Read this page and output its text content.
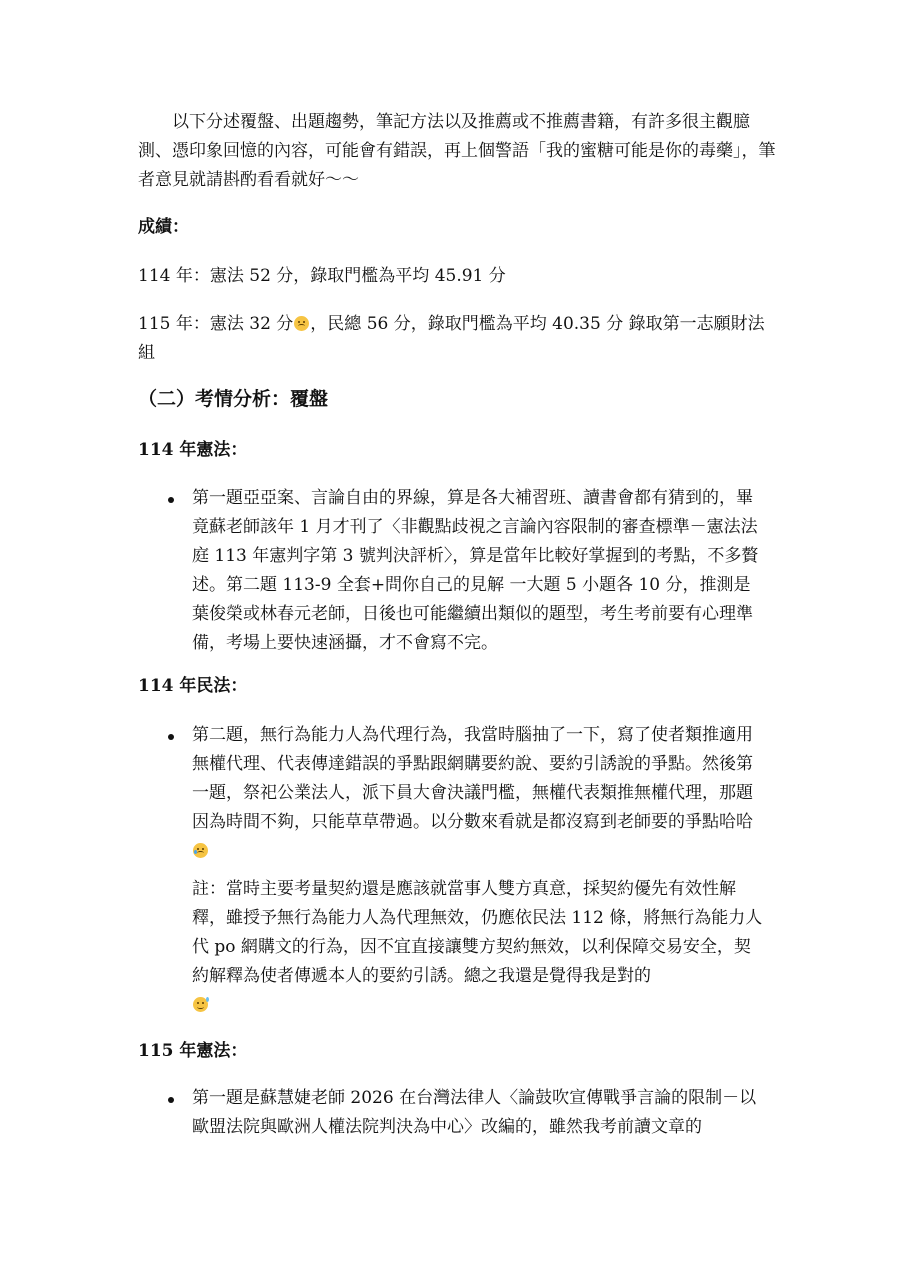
以下分述覆盤、出題趨勢，筆記方法以及推薦或不推薦書籍，有許多很主觀臆測、憑印象回憶的內容，可能會有錯誤，再上個警語「我的蜜糖可能是你的毒藥」，筆者意見就請斟酌看看就好～～

成績：

114 年：憲法 52 分，錄取門檻為平均 45.91 分

115 年：憲法 32 分 ，民總 56 分，錄取門檻為平均 40.35 分 錄取第一志願財法組

（二）考情分析：覆盤

114 年憲法：

第一題亞亞案、言論自由的界線，算是各大補習班、讀書會都有猜到的，畢竟蘇老師該年 1 月才刊了〈非觀點歧視之言論內容限制的審查標準－憲法法庭 113 年憲判字第 3 號判決評析〉，算是當年比較好掌握到的考點，不多贅述。第二題 113-9 全套+問你自己的見解 一大題 5 小題各 10 分，推測是葉俊榮或林春元老師，日後也可能繼續出類似的題型，考生考前要有心理準備，考場上要快速涵攝，才不會寫不完。

114 年民法：

第二題，無行為能力人為代理行為，我當時腦抽了一下，寫了使者類推適用無權代理、代表傳達錯誤的爭點跟網購要約說、要約引誘說的爭點。然後第一題，祭祀公業法人，派下員大會決議門檻，無權代表類推無權代理，那題因為時間不夠，只能草草帶過。以分數來看就是都沒寫到老師要的爭點哈哈

註：當時主要考量契約還是應該就當事人雙方真意，採契約優先有效性解釋，雖授予無行為能力人為代理無效，仍應依民法 112 條，將無行為能力人代 po 網購文的行為，因不宜直接讓雙方契約無效，以利保障交易安全，契約解釋為使者傳遞本人的要約引誘。總之我還是覺得我是對的

115 年憲法：

第一題是蘇慧婕老師 2026 在台灣法律人〈論鼓吹宣傳戰爭言論的限制－以歐盟法院與歐洲人權法院判決為中心〉改編的，雖然我考前讀文章的
